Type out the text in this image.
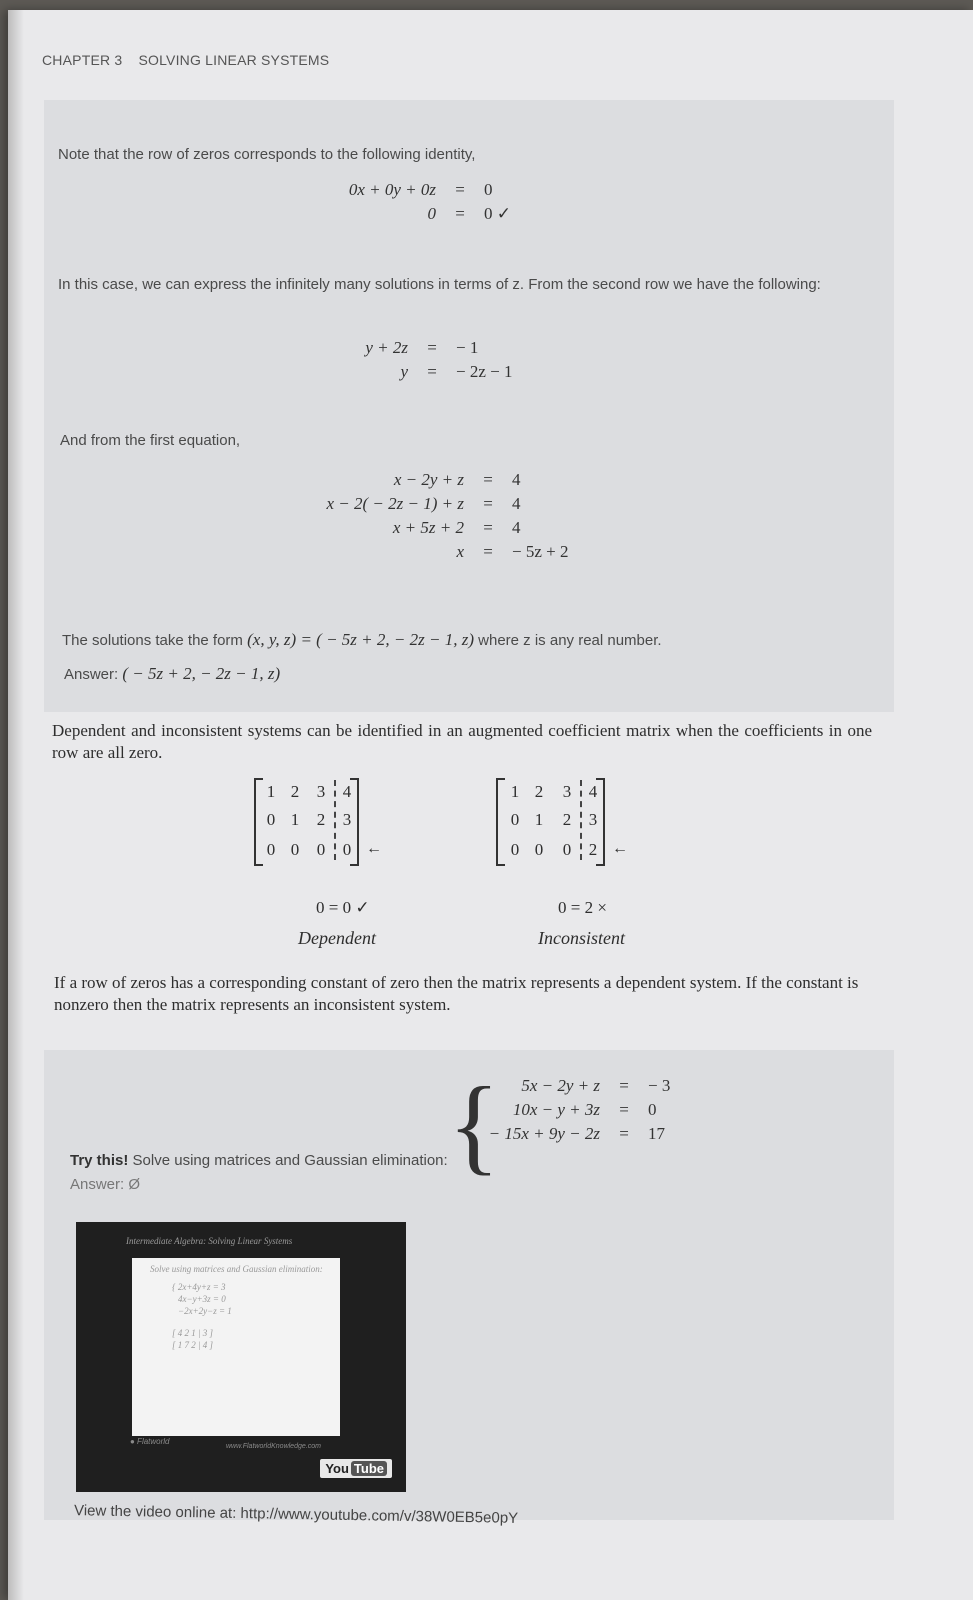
CHAPTER 3 SOLVING LINEAR SYSTEMS
Note that the row of zeros corresponds to the following identity,
0x + 0y + 0z	=	0
0	=	0 ✓
In this case, we can express the infinitely many solutions in terms of z. From the second row we have the following:
y + 2z	=	− 1
y	=	− 2z − 1
And from the first equation,
x − 2y + z	=	4
x − 2( − 2z − 1) + z	=	4
x + 5z + 2	=	4
x	=	− 5z + 2
The solutions take the form (x, y, z) = ( − 5z + 2, − 2z − 1, z) where z is any real number.
Answer: ( − 5z + 2, − 2z − 1, z)
Dependent and inconsistent systems can be identified in an augmented coefficient matrix when the coefficients in one row are all zero.
1 2	3	4
0 1	2	3
0 0	0	0 ←
0 = 0 ✓
Dependent
1 2	3	4
0 1	2	3
0 0	0	2 ←
0 = 2 ×
Inconsistent
If a row of zeros has a corresponding constant of zero then the matrix represents a dependent system. If the constant is nonzero then the matrix represents an inconsistent system.
Try this! Solve using matrices and Gaussian elimination: { 5x − 2y + z	=	− 3
10x − y + 3z	=	0
− 15x + 9y − 2z	=	17
Answer: Ø
Intermediate Algebra: Solving Linear Systems
Solve using matrices and Gaussian elimination:
{ 2x+4y+z = 3
4x−y+3z = 0
−2x+2y−z = 1
[ 4 2 1 | 3 ]
[ 1 7 2 | 4 ]
● Flatworld
www.FlatworldKnowledge.com
You Tube
View the video online at: http://www.youtube.com/v/38W0EB5e0pY
